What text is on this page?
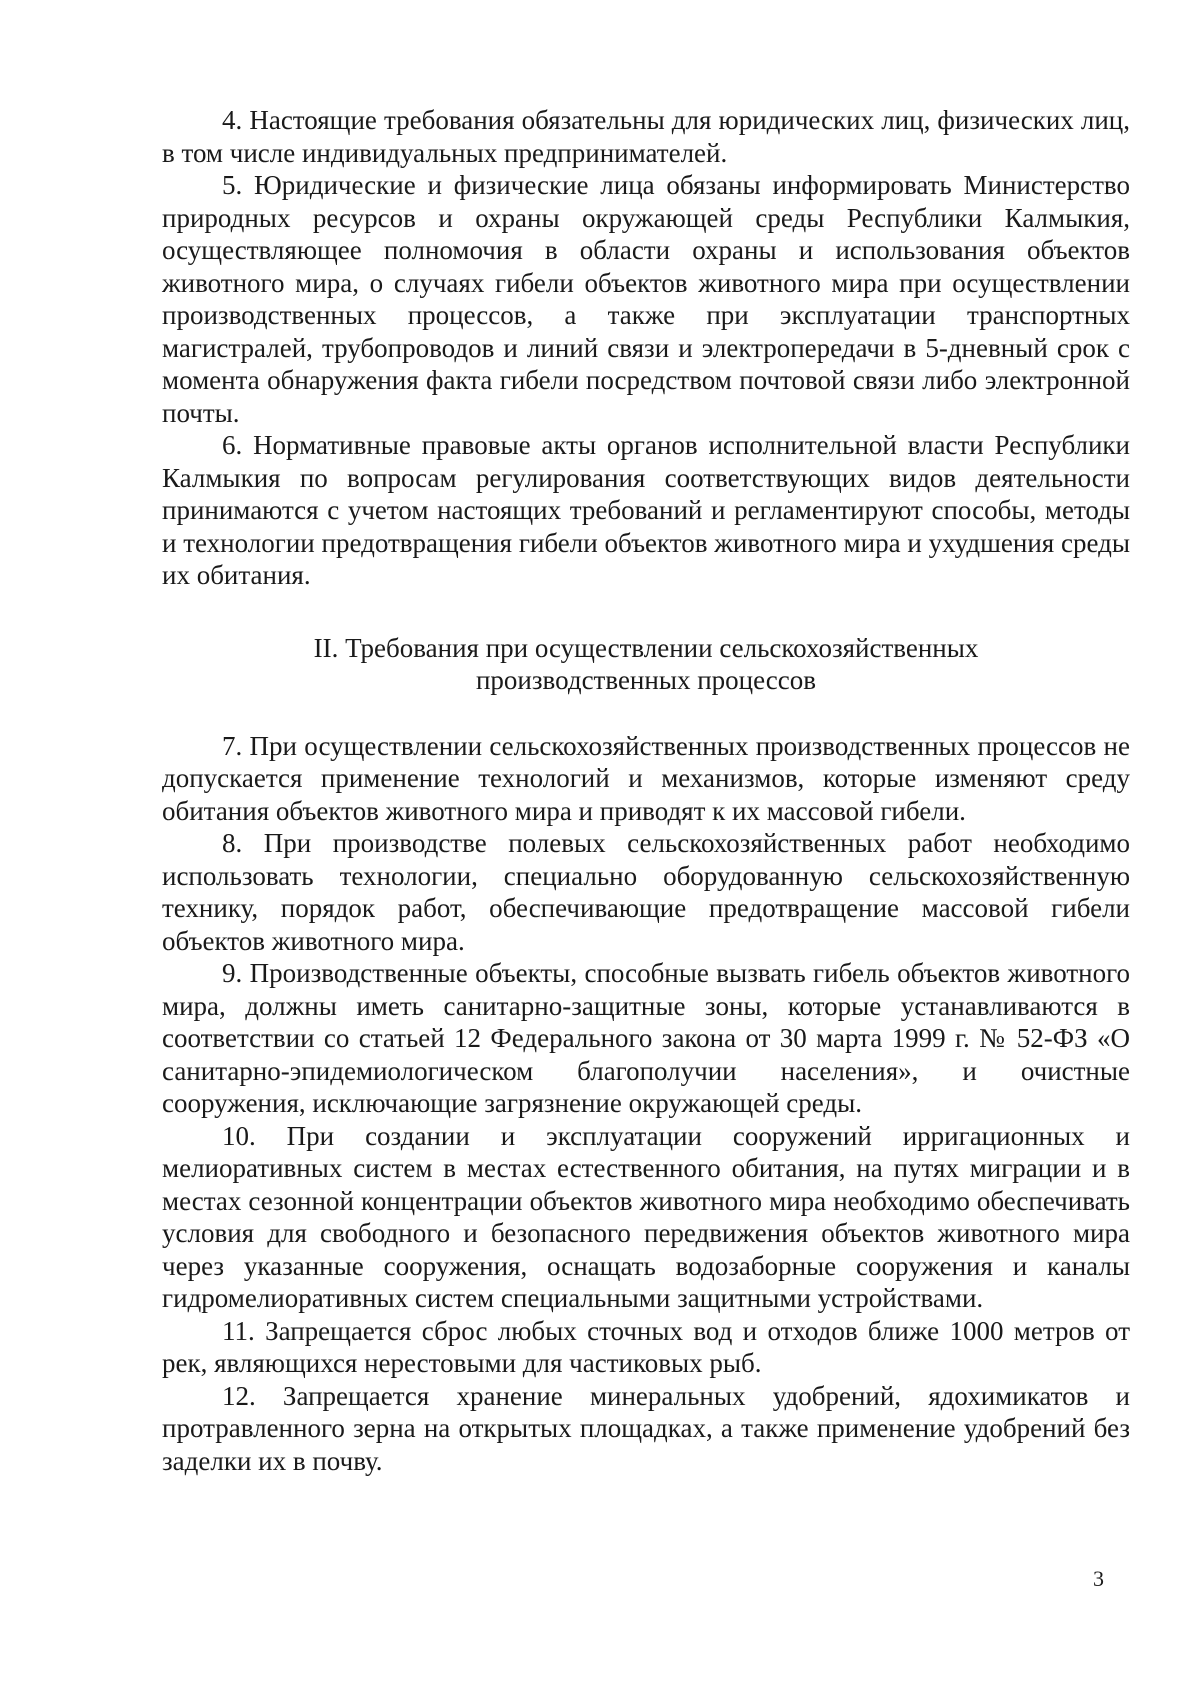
4. Настоящие требования обязательны для юридических лиц, физических лиц, в том числе индивидуальных предпринимателей.

5. Юридические и физические лица обязаны информировать Министерство природных ресурсов и охраны окружающей среды Республики Калмыкия, осуществляющее полномочия в области охраны и использования объектов животного мира, о случаях гибели объектов животного мира при осуществлении производственных процессов, а также при эксплуатации транспортных магистралей, трубопроводов и линий связи и электропередачи в 5-дневный срок с момента обнаружения факта гибели посредством почтовой связи либо электронной почты.

6. Нормативные правовые акты органов исполнительной власти Республики Калмыкия по вопросам регулирования соответствующих видов деятельности принимаются с учетом настоящих требований и регламентируют способы, методы и технологии предотвращения гибели объектов животного мира и ухудшения среды их обитания.

II. Требования при осуществлении сельскохозяйственных
производственных процессов

7. При осуществлении сельскохозяйственных производственных процессов не допускается применение технологий и механизмов, которые изменяют среду обитания объектов животного мира и приводят к их массовой гибели.

8. При производстве полевых сельскохозяйственных работ необходимо использовать технологии, специально оборудованную сельскохозяйственную технику, порядок работ, обеспечивающие предотвращение массовой гибели объектов животного мира.

9. Производственные объекты, способные вызвать гибель объектов животного мира, должны иметь санитарно-защитные зоны, которые устанавливаются в соответствии со статьей 12 Федерального закона от 30 марта 1999 г. № 52-ФЗ «О санитарно-эпидемиологическом благополучии населения», и очистные сооружения, исключающие загрязнение окружающей среды.

10. При создании и эксплуатации сооружений ирригационных и мелиоративных систем в местах естественного обитания, на путях миграции и в местах сезонной концентрации объектов животного мира необходимо обеспечивать условия для свободного и безопасного передвижения объектов животного мира через указанные сооружения, оснащать водозаборные сооружения и каналы гидромелиоративных систем специальными защитными устройствами.

11. Запрещается сброс любых сточных вод и отходов ближе 1000 метров от рек, являющихся нерестовыми для частиковых рыб.

12. Запрещается хранение минеральных удобрений, ядохимикатов и протравленного зерна на открытых площадках, а также применение удобрений без заделки их в почву.

3
